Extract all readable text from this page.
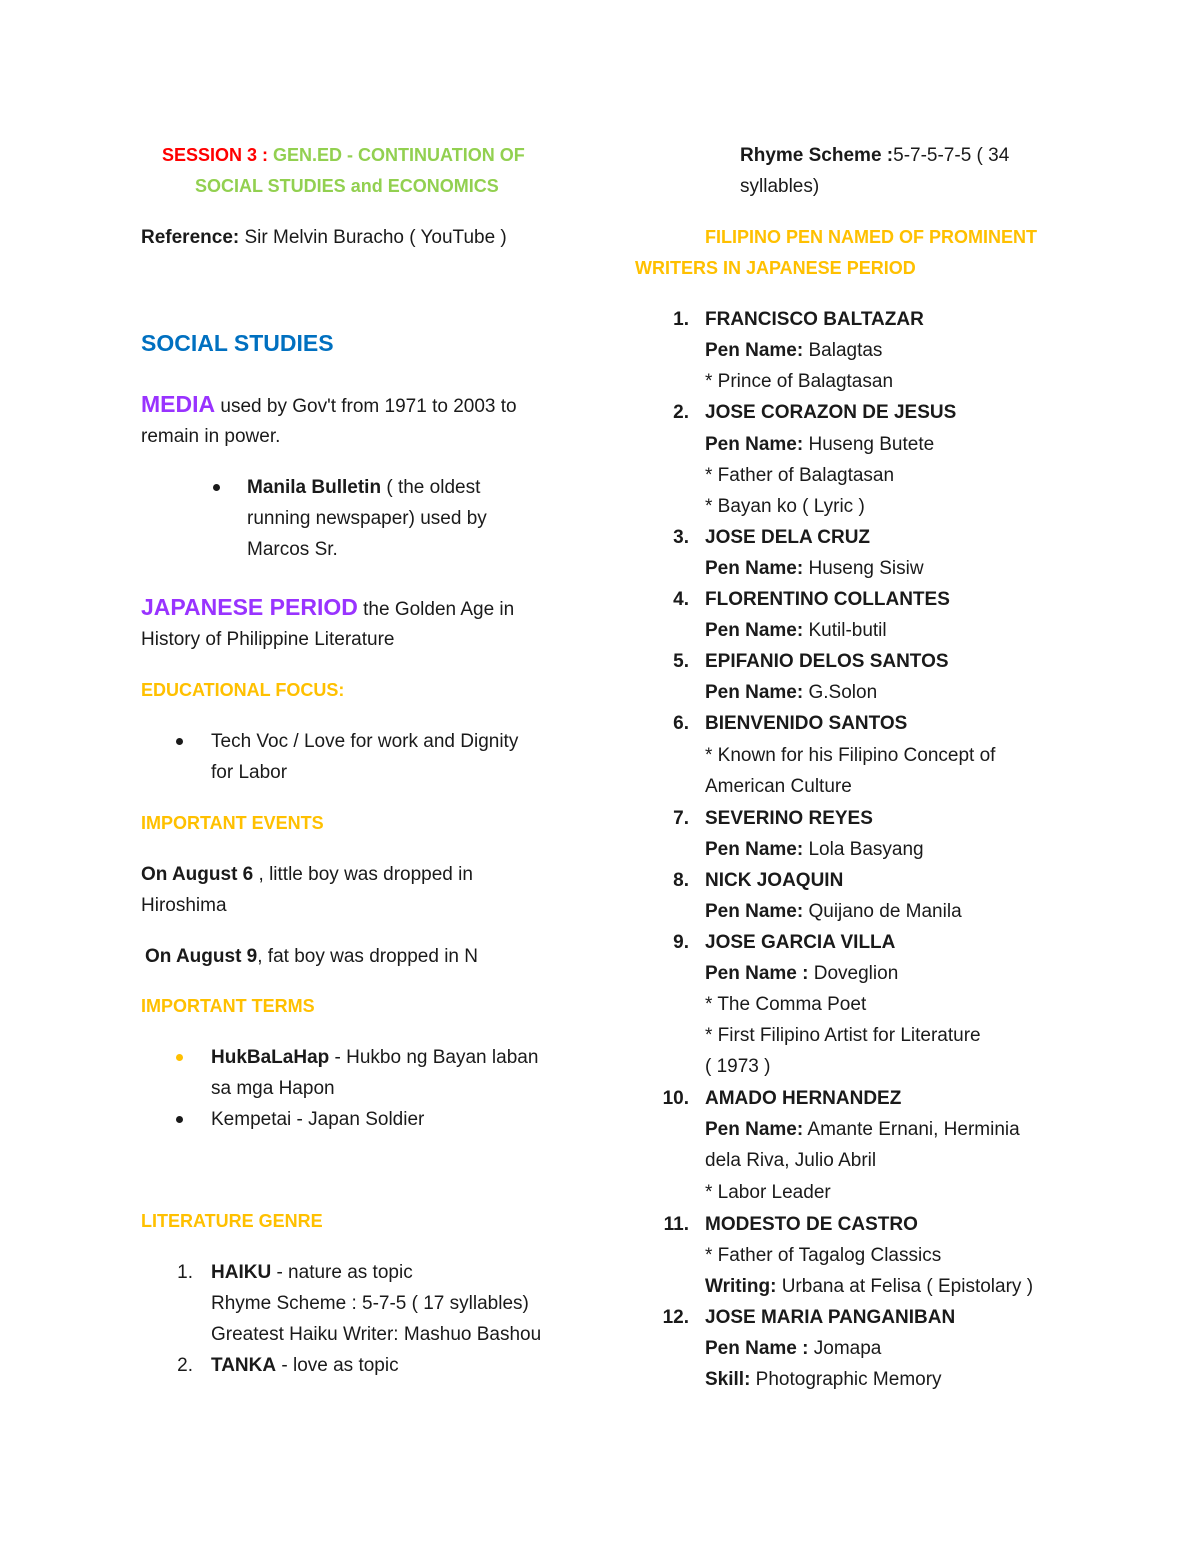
SESSION 3 : GEN.ED - CONTINUATION OF
SOCIAL STUDIES and ECONOMICS
Reference: Sir Melvin Buracho ( YouTube )
SOCIAL STUDIES
MEDIA used by Gov't from 1971 to 2003 to
remain in power.
Manila Bulletin ( the oldest
running newspaper) used by
Marcos Sr.
JAPANESE PERIOD the Golden Age in
History of Philippine Literature
EDUCATIONAL FOCUS:
Tech Voc / Love for work and Dignity
for Labor
IMPORTANT EVENTS
On August 6 , little boy was dropped in
Hiroshima
On August 9, fat boy was dropped in N
IMPORTANT TERMS
HukBaLaHap - Hukbo ng Bayan laban
sa mga Hapon
Kempetai - Japan Soldier
LITERATURE GENRE
1. HAIKU - nature as topic
Rhyme Scheme : 5-7-5 ( 17 syllables)
Greatest Haiku Writer: Mashuo Bashou
2. TANKA - love as topic
Rhyme Scheme :5-7-5-7-5 ( 34
syllables)
FILIPINO PEN NAMED OF PROMINENT
WRITERS IN JAPANESE PERIOD
1. FRANCISCO BALTAZAR
Pen Name: Balagtas
* Prince of Balagtasan
2. JOSE CORAZON DE JESUS
Pen Name: Huseng Butete
* Father of Balagtasan
* Bayan ko ( Lyric )
3. JOSE DELA CRUZ
Pen Name: Huseng Sisiw
4. FLORENTINO COLLANTES
Pen Name: Kutil-butil
5. EPIFANIO DELOS SANTOS
Pen Name: G.Solon
6. BIENVENIDO SANTOS
* Known for his Filipino Concept of
American Culture
7. SEVERINO REYES
Pen Name: Lola Basyang
8. NICK JOAQUIN
Pen Name: Quijano de Manila
9. JOSE GARCIA VILLA
Pen Name : Doveglion
* The Comma Poet
* First Filipino Artist for Literature
( 1973 )
10. AMADO HERNANDEZ
Pen Name: Amante Ernani, Herminia
dela Riva, Julio Abril
* Labor Leader
11. MODESTO DE CASTRO
* Father of Tagalog Classics
Writing: Urbana at Felisa ( Epistolary )
12. JOSE MARIA PANGANIBAN
Pen Name : Jomapa
Skill: Photographic Memory
